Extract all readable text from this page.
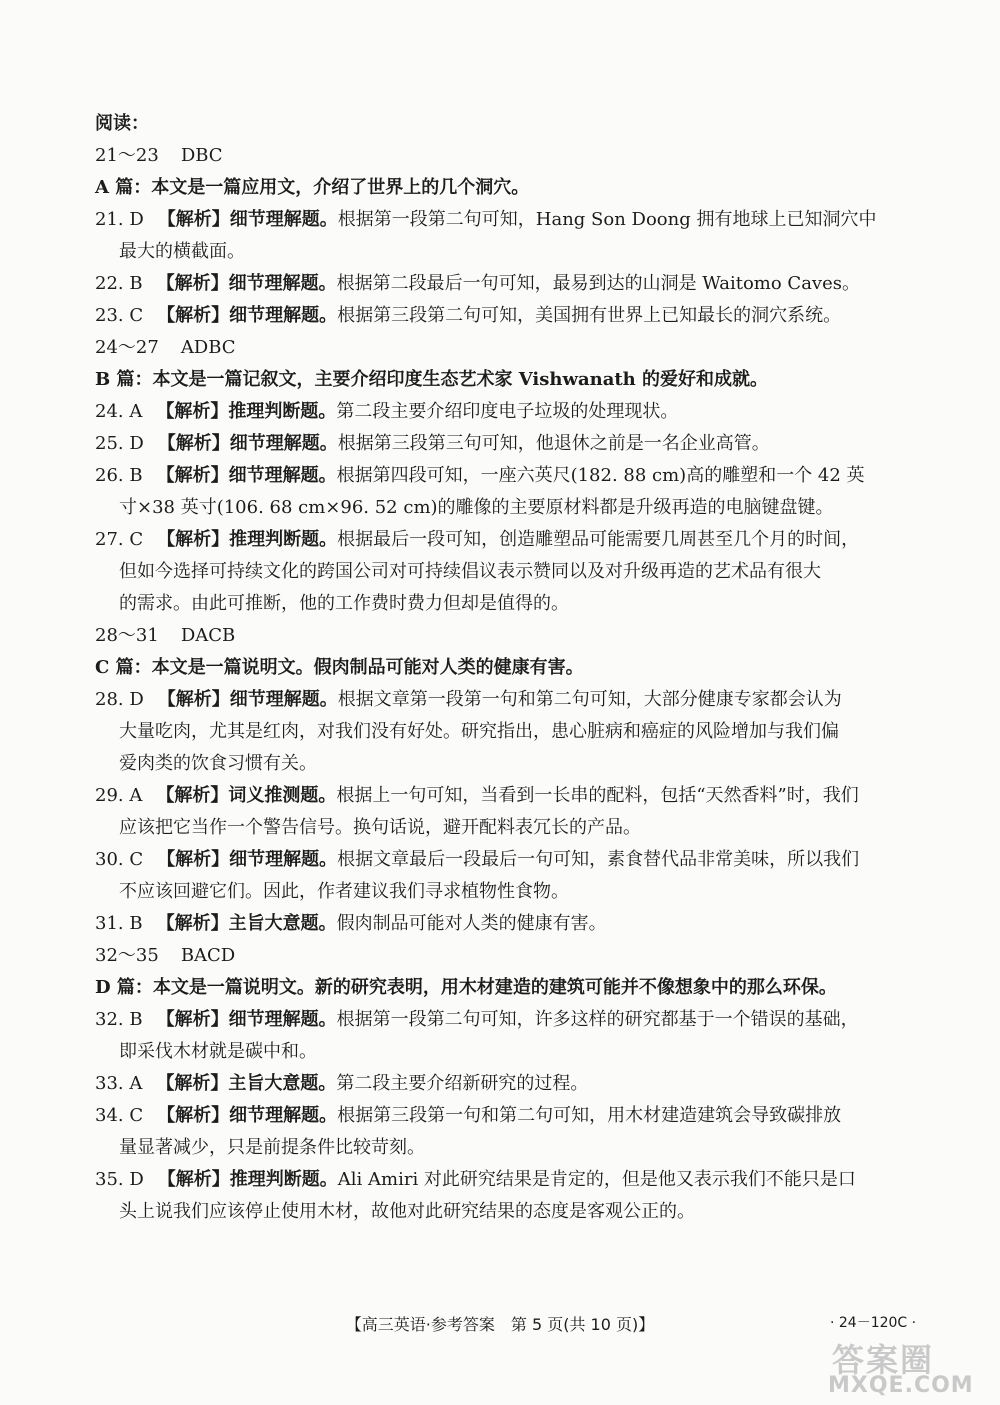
阅读：

21～23 DBC

A 篇：本文是一篇应用文，介绍了世界上的几个洞穴。

21. D 【解析】细节理解题。根据第一段第二句可知，Hang Son Doong 拥有地球上已知洞穴中
最大的横截面。
22. B 【解析】细节理解题。根据第二段最后一句可知，最易到达的山洞是 Waitomo Caves。
23. C 【解析】细节理解题。根据第三段第二句可知，美国拥有世界上已知最长的洞穴系统。

24～27 ADBC

B 篇：本文是一篇记叙文，主要介绍印度生态艺术家 Vishwanath 的爱好和成就。

24. A 【解析】推理判断题。第二段主要介绍印度电子垃圾的处理现状。
25. D 【解析】细节理解题。根据第三段第三句可知，他退休之前是一名企业高管。
26. B 【解析】细节理解题。根据第四段可知，一座六英尺(182. 88 cm)高的雕塑和一个 42 英
寸×38 英寸(106. 68 cm×96. 52 cm)的雕像的主要原材料都是升级再造的电脑键盘键。
27. C 【解析】推理判断题。根据最后一段可知，创造雕塑品可能需要几周甚至几个月的时间，
但如今选择可持续文化的跨国公司对可持续倡议表示赞同以及对升级再造的艺术品有很大
的需求。由此可推断，他的工作费时费力但却是值得的。

28～31 DACB

C 篇：本文是一篇说明文。假肉制品可能对人类的健康有害。

28. D 【解析】细节理解题。根据文章第一段第一句和第二句可知，大部分健康专家都会认为
大量吃肉，尤其是红肉，对我们没有好处。研究指出，患心脏病和癌症的风险增加与我们偏
爱肉类的饮食习惯有关。
29. A 【解析】词义推测题。根据上一句可知，当看到一长串的配料，包括“天然香料”时，我们
应该把它当作一个警告信号。换句话说，避开配料表冗长的产品。
30. C 【解析】细节理解题。根据文章最后一段最后一句可知，素食替代品非常美味，所以我们
不应该回避它们。因此，作者建议我们寻求植物性食物。
31. B 【解析】主旨大意题。假肉制品可能对人类的健康有害。

32～35 BACD

D 篇：本文是一篇说明文。新的研究表明，用木材建造的建筑可能并不像想象中的那么环保。

32. B 【解析】细节理解题。根据第一段第二句可知，许多这样的研究都基于一个错误的基础，
即采伐木材就是碳中和。
33. A 【解析】主旨大意题。第二段主要介绍新研究的过程。
34. C 【解析】细节理解题。根据第三段第一句和第二句可知，用木材建造建筑会导致碳排放
量显著减少，只是前提条件比较苛刻。
35. D 【解析】推理判断题。Ali Amiri 对此研究结果是肯定的，但是他又表示我们不能只是口
头上说我们应该停止使用木材，故他对此研究结果的态度是客观公正的。
【高三英语·参考答案　第 5 页(共 10 页)】	· 24－120C ·
答案圈
MXQE.COM
